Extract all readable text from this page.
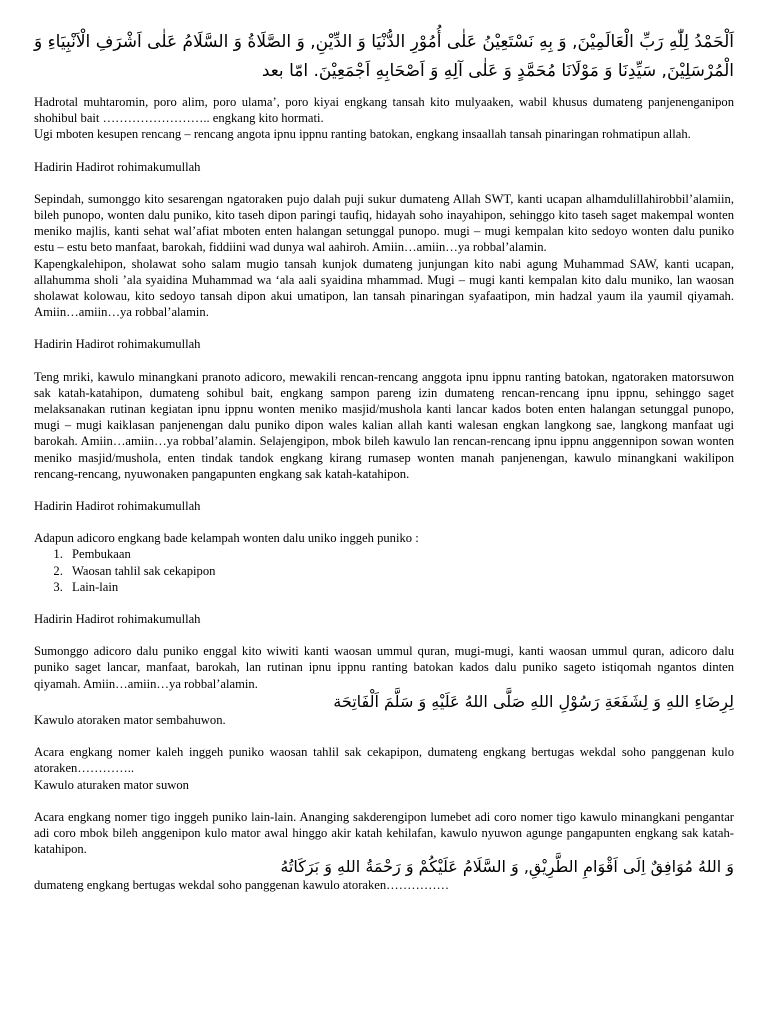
اَلْحَمْدُ لِلّٰهِ رَبِّ الْعَالَمِيْنَ, وَ بِهِ نَسْتَعِيْنُ عَلٰى أُمُوْرِ الدُّنْيَا وَ الدِّيْنِ, وَ الصَّلَاةُ وَ السَّلَامُ عَلٰى اَشْرَفِ الْاَنْبِيَاءِ وَ الْمُرْسَلِيْنَ, سَيِّدِنَا وَ مَوْلَانَا مُحَمَّدٍ وَ عَلٰى آلِهِ وَ اَصْحَابِهِ اَجْمَعِيْنَ. امّا بعد

Hadrotal muhtaromin, poro alim, poro ulama’, poro kiyai engkang tansah kito mulyaaken, wabil khusus dumateng panjenenganipon shohibul bait …………………….. engkang kito hormati.

Ugi mboten kesupen rencang – rencang angota ipnu ippnu ranting batokan, engkang insaallah tansah pinaringan rohmatipun allah.

Hadirin Hadirot rohimakumullah

Sepindah, sumonggo kito sesarengan ngatoraken pujo dalah puji sukur dumateng Allah SWT, kanti ucapan alhamdulillahirobbil’alamiin, bileh punopo, wonten dalu puniko, kito taseh dipon paringi taufiq, hidayah soho inayahipon, sehinggo kito taseh saget makempal wonten meniko majlis, kanti sehat wal’afiat mboten enten halangan setunggal punopo. mugi – mugi kempalan kito sedoyo wonten dalu puniko estu – estu beto manfaat, barokah, fiddiini wad dunya wal aahiroh. Amiin…amiin…ya robbal’alamin.

Kapengkalehipon, sholawat soho salam mugio tansah kunjok dumateng junjungan kito nabi agung Muhammad SAW, kanti ucapan, allahumma sholi ’ala syaidina Muhammad wa ‘ala aali syaidina mhammad. Mugi – mugi kanti kempalan kito dalu muniko, lan waosan sholawat kolowau, kito sedoyo tansah dipon akui umatipon, lan tansah pinaringan syafaatipon, min hadzal yaum ila yaumil qiyamah. Amiin…amiin…ya robbal’alamin.

Hadirin Hadirot rohimakumullah

Teng mriki, kawulo minangkani pranoto adicoro, mewakili rencan-rencang anggota ipnu ippnu ranting batokan, ngatoraken matorsuwon sak katah-katahipon, dumateng sohibul bait, engkang sampon pareng izin dumateng rencan-rencang ipnu ippnu, sehinggo saget melaksanakan rutinan kegiatan ipnu ippnu wonten meniko masjid/mushola kanti lancar kados boten enten halangan setunggal punopo, mugi – mugi kaiklasan panjenengan dalu puniko dipon wales kalian allah kanti walesan engkan langkong sae, langkong manfaat ugi barokah. Amiin…amiin…ya robbal’alamin. Selajengipon, mbok bileh kawulo lan rencan-rencang ipnu ippnu anggennipon sowan wonten meniko masjid/mushola, enten tindak tandok engkang kirang rumasep wonten manah panjenengan, kawulo minangkani wakilipon rencang-rencang, nyuwonaken pangapunten engkang sak katah-katahipon.

Hadirin Hadirot rohimakumullah

Adapun adicoro engkang bade kelampah wonten dalu uniko inggeh puniko :

1. Pembukaan
2. Waosan tahlil sak cekapipon
3. Lain-lain

Hadirin Hadirot rohimakumullah

Sumonggo adicoro dalu puniko enggal kito wiwiti kanti waosan ummul quran, mugi-mugi, kanti waosan ummul quran, adicoro dalu puniko saget lancar, manfaat, barokah, lan rutinan ipnu ippnu ranting batokan kados dalu puniko sageto istiqomah ngantos dinten qiyamah. Amiin…amiin…ya robbal’alamin.

لِرِضَاءِ اللهِ وَ لِشَفَعَةِ رَسُوْلِ اللهِ صَلَّى اللهُ عَلَيْهِ وَ سَلَّمَ اَلْفَاتِحَة

Kawulo atoraken mator sembahuwon.

Acara engkang nomer kaleh inggeh puniko waosan tahlil sak cekapipon, dumateng engkang bertugas wekdal soho panggenan kulo atoraken…………..

Kawulo aturaken mator suwon

Acara engkang nomer tigo inggeh puniko lain-lain. Ananging sakderengipon lumebet adi coro nomer tigo kawulo minangkani pengantar adi coro mbok bileh anggenipon kulo mator awal hinggo akir katah kehilafan, kawulo nyuwon agunge pangapunten engkang sak katah-katahipon.

وَ اللهُ مُوَافِقٌ اِلَى اَقْوَامِ الطَّرِيْقِ, وَ السَّلَامُ عَلَيْكُمْ وَ رَحْمَةُ اللهِ وَ بَرَكَاتُهُ

dumateng engkang bertugas wekdal soho panggenan kawulo atoraken……………
